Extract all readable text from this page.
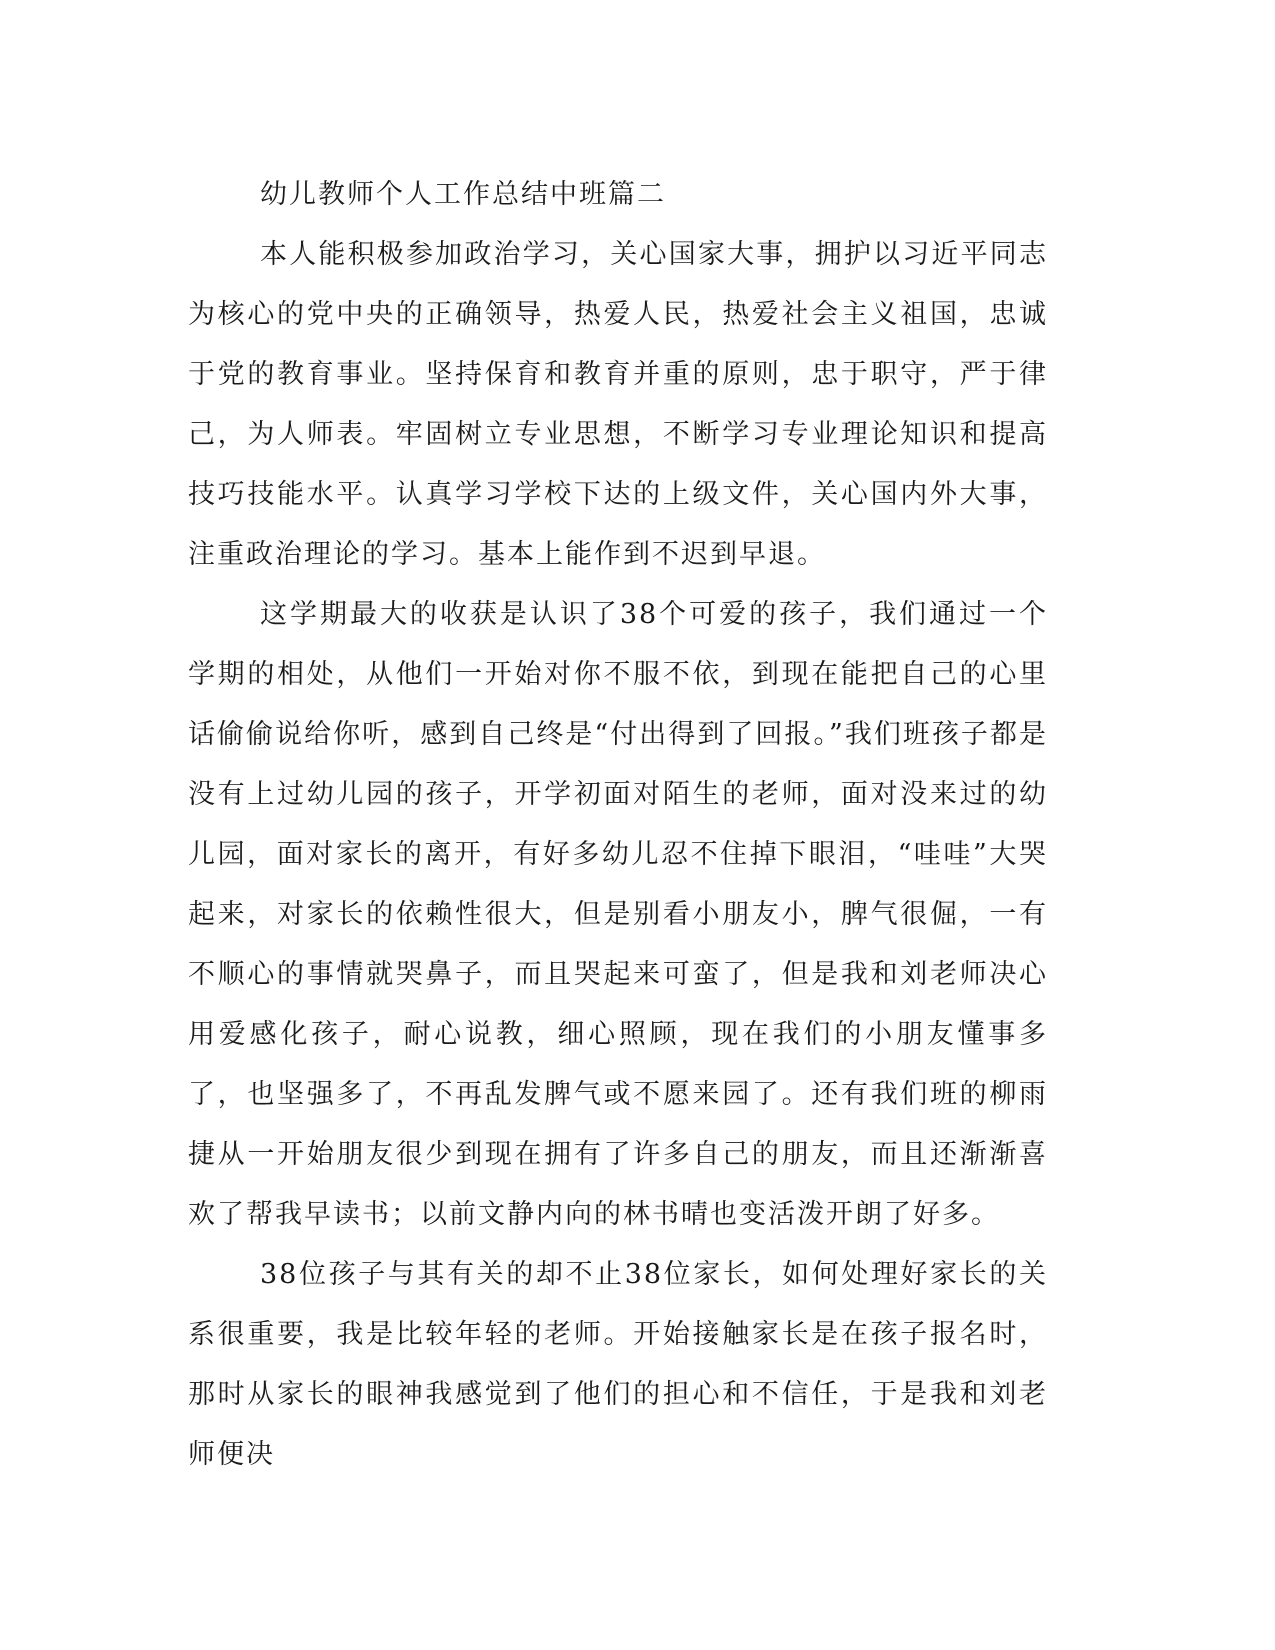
幼儿教师个人工作总结中班篇二

本人能积极参加政治学习，关心国家大事，拥护以习近平同志为核心的党中央的正确领导，热爱人民，热爱社会主义祖国，忠诚于党的教育事业。坚持保育和教育并重的原则，忠于职守，严于律己，为人师表。牢固树立专业思想，不断学习专业理论知识和提高技巧技能水平。认真学习学校下达的上级文件，关心国内外大事，注重政治理论的学习。基本上能作到不迟到早退。

这学期最大的收获是认识了38个可爱的孩子，我们通过一个学期的相处，从他们一开始对你不服不依，到现在能把自己的心里话偷偷说给你听，感到自己终是“付出得到了回报。”我们班孩子都是没有上过幼儿园的孩子，开学初面对陌生的老师，面对没来过的幼儿园，面对家长的离开，有好多幼儿忍不住掉下眼泪，“哇哇”大哭起来，对家长的依赖性很大，但是别看小朋友小，脾气很倔，一有不顺心的事情就哭鼻子，而且哭起来可蛮了，但是我和刘老师决心用爱感化孩子，耐心说教，细心照顾，现在我们的小朋友懂事多了，也坚强多了，不再乱发脾气或不愿来园了。还有我们班的柳雨捷从一开始朋友很少到现在拥有了许多自己的朋友，而且还渐渐喜欢了帮我早读书；以前文静内向的林书晴也变活泼开朗了好多。

38位孩子与其有关的却不止38位家长，如何处理好家长的关系很重要，我是比较年轻的老师。开始接触家长是在孩子报名时，那时从家长的眼神我感觉到了他们的担心和不信任，于是我和刘老师便决
